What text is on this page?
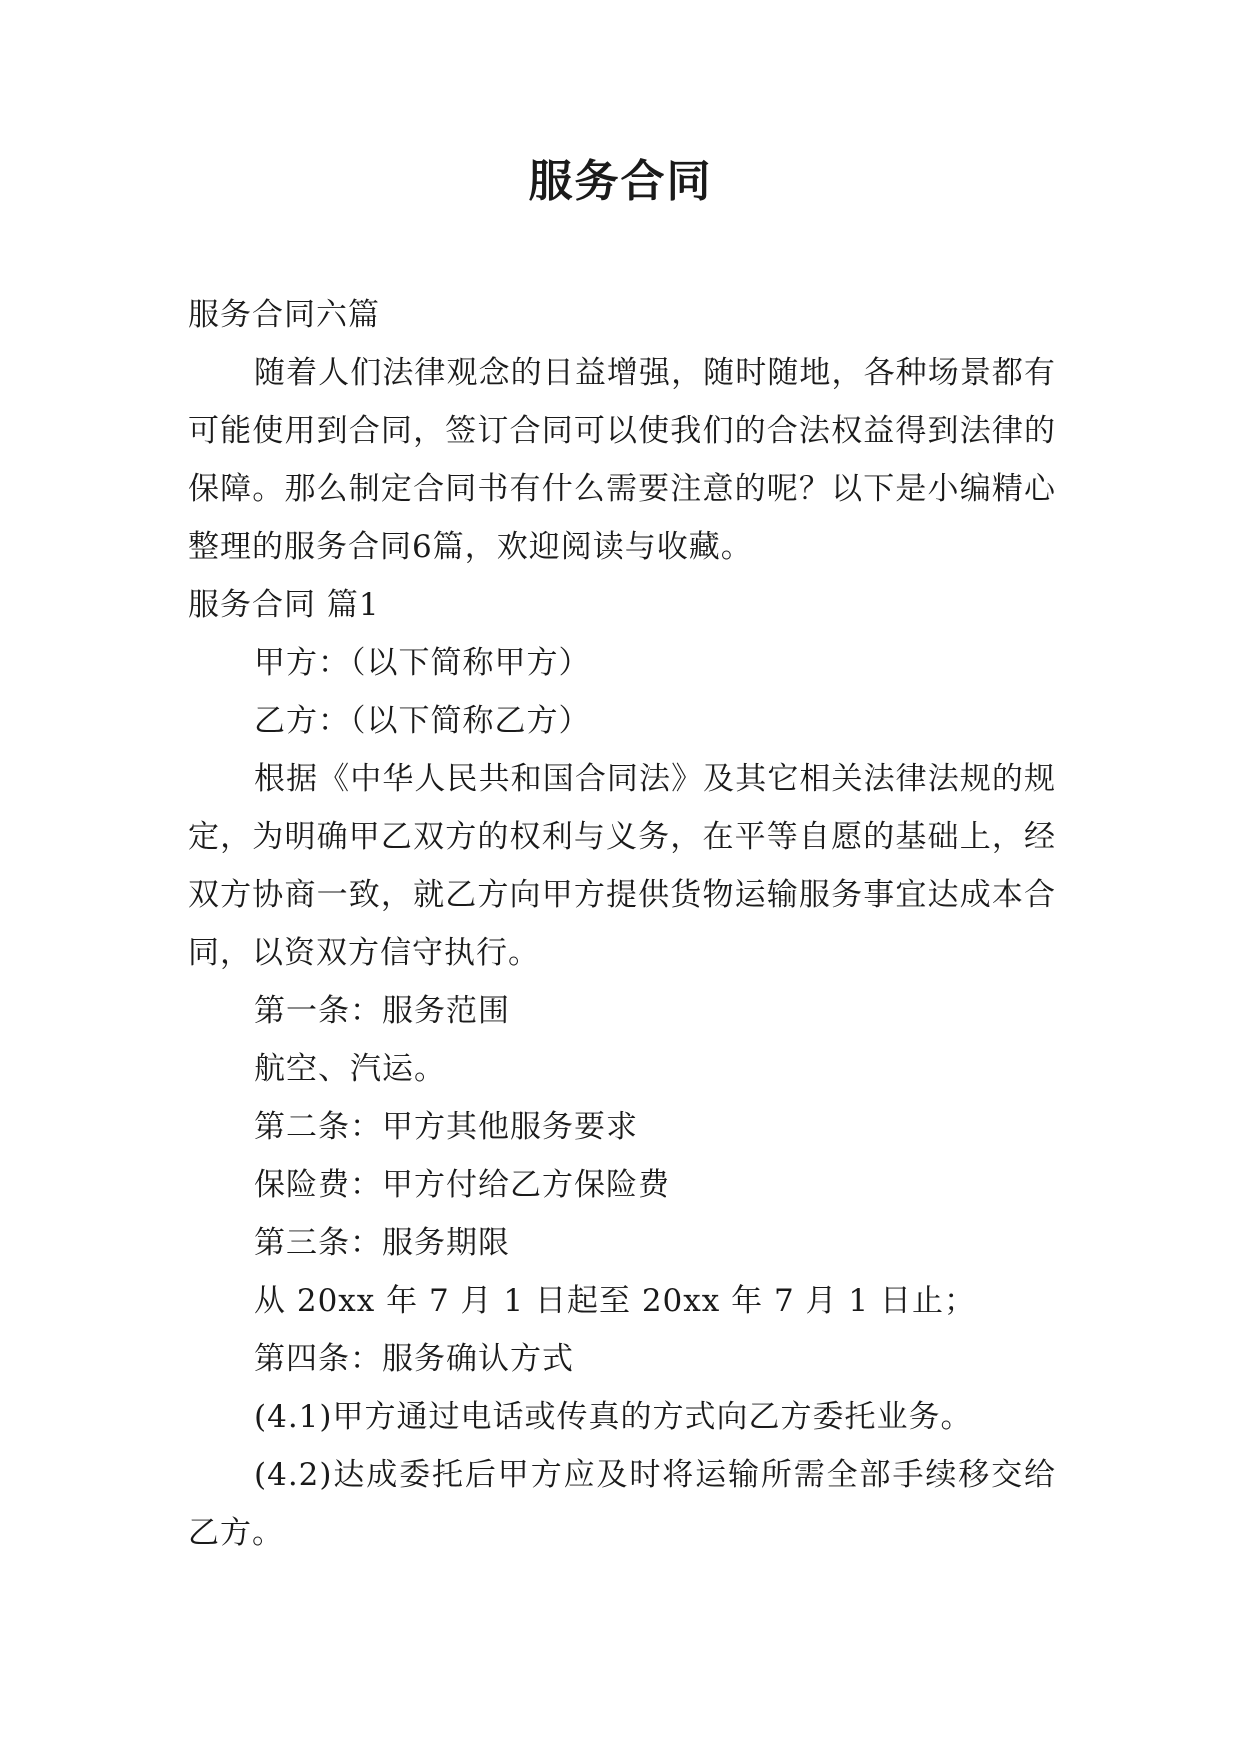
服务合同

服务合同六篇

随着人们法律观念的日益增强，随时随地，各种场景都有可能使用到合同，签订合同可以使我们的合法权益得到法律的保障。那么制定合同书有什么需要注意的呢？以下是小编精心整理的服务合同6篇，欢迎阅读与收藏。

服务合同 篇1

甲方：（以下简称甲方）

乙方：（以下简称乙方）

根据《中华人民共和国合同法》及其它相关法律法规的规定，为明确甲乙双方的权利与义务，在平等自愿的基础上，经双方协商一致，就乙方向甲方提供货物运输服务事宜达成本合同，以资双方信守执行。

第一条：服务范围

航空、汽运。

第二条：甲方其他服务要求

保险费：甲方付给乙方保险费

第三条：服务期限

从 20xx 年 7 月 1 日起至 20xx 年 7 月 1 日止；

第四条：服务确认方式

(4.1)甲方通过电话或传真的方式向乙方委托业务。

(4.2)达成委托后甲方应及时将运输所需全部手续移交给乙方。
